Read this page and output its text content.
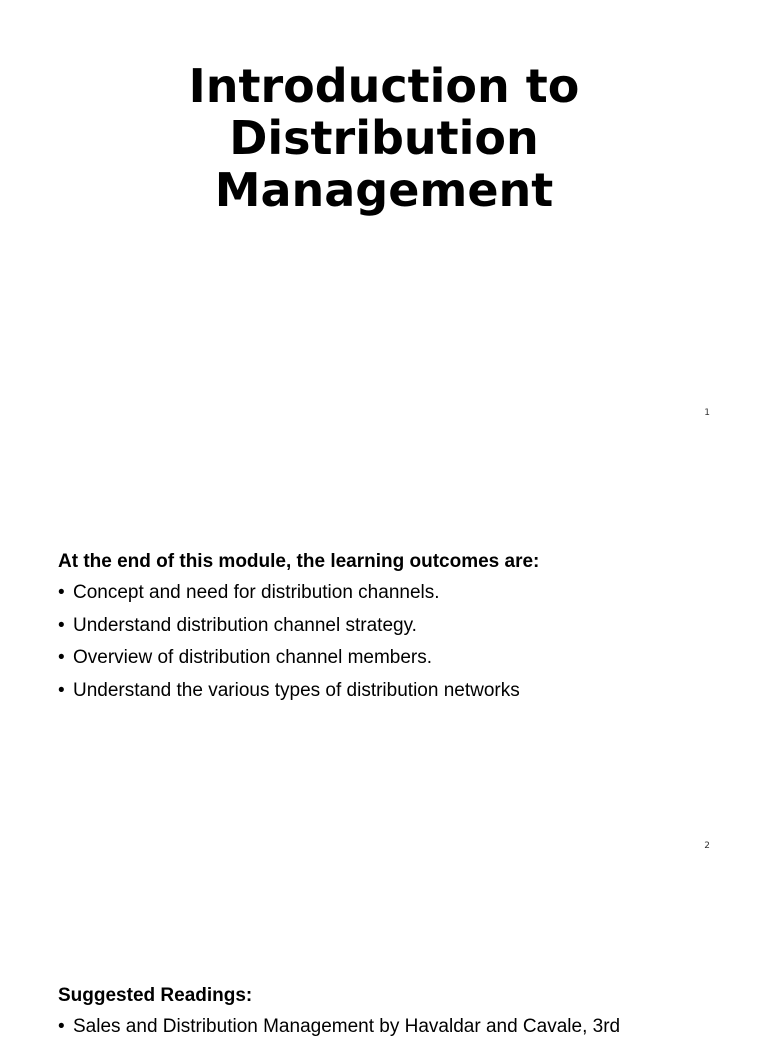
Introduction to
Distribution
Management
1
At the end of this module, the learning outcomes are:
• Concept and need for distribution channels.
• Understand distribution channel strategy.
• Overview of distribution channel members.
• Understand the various types of distribution networks
2
Suggested Readings:
• Sales and Distribution Management by Havaldar and Cavale, 3rd
